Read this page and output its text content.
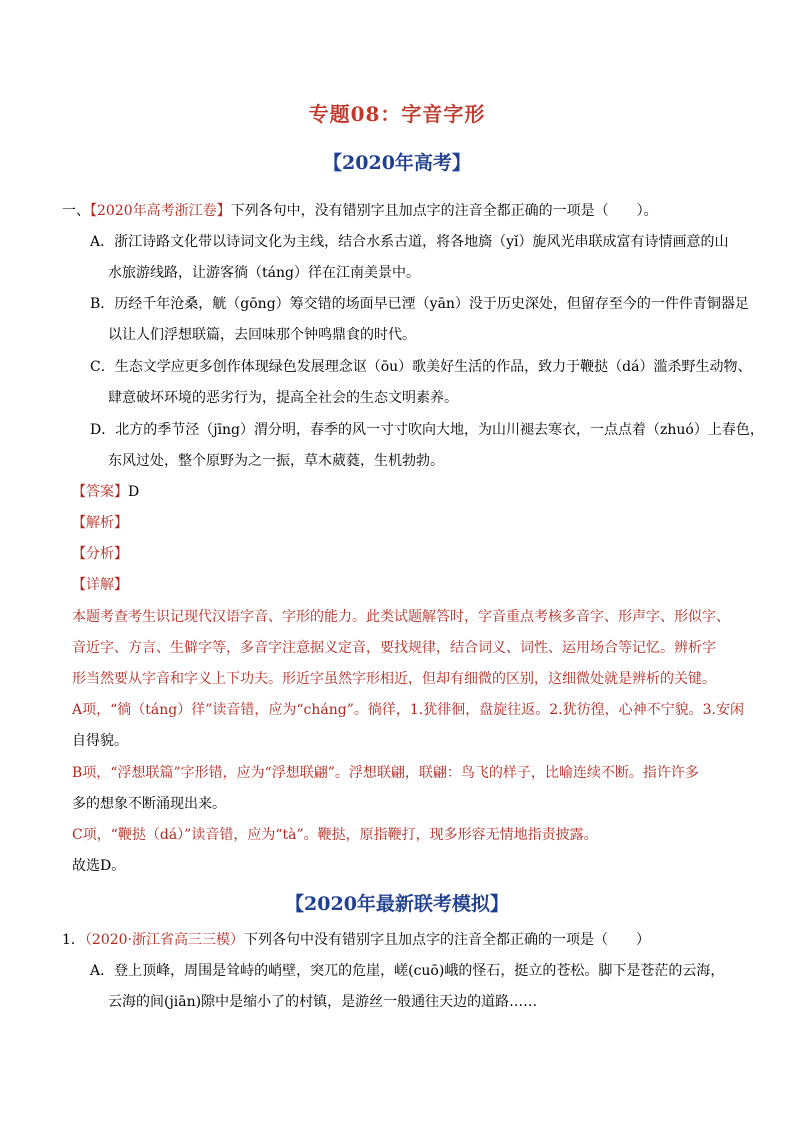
专题08：字音字形
【2020年高考】
一、【2020年高考浙江卷】下列各句中，没有错别字且加点字的注音全都正确的一项是（　　）。
A．浙江诗路文化带以诗词文化为主线，结合水系古道，将各地旖（yǐ）旎风光串联成富有诗情画意的山
水旅游线路，让游客徜（táng）徉在江南美景中。
B．历经千年沧桑，觥（gōng）筹交错的场面早已湮（yān）没于历史深处，但留存至今的一件件青铜器足
以让人们浮想联篇，去回味那个钟鸣鼎食的时代。
C．生态文学应更多创作体现绿色发展理念讴（ōu）歌美好生活的作品，致力于鞭挞（dá）滥杀野生动物、
肆意破坏环境的恶劣行为，提高全社会的生态文明素养。
D．北方的季节泾（jīng）渭分明，春季的风一寸寸吹向大地，为山川褪去寒衣，一点点着（zhuó）上春色，
东风过处，整个原野为之一振，草木葳蕤，生机勃勃。
【答案】D
【解析】
【分析】
【详解】
本题考查考生识记现代汉语字音、字形的能力。此类试题解答时，字音重点考核多音字、形声字、形似字、
音近字、方言、生僻字等，多音字注意据义定音，要找规律，结合词义、词性、运用场合等记忆。辨析字
形当然要从字音和字义上下功夫。形近字虽然字形相近，但却有细微的区别，这细微处就是辨析的关键。
A项，“徜（táng）徉”读音错，应为“cháng”。徜徉，1.犹徘徊，盘旋往返。2.犹彷徨，心神不宁貌。3.安闲
自得貌。
B项，“浮想联篇”字形错，应为“浮想联翩”。浮想联翩，联翩：鸟飞的样子，比喻连续不断。指许许多
多的想象不断涌现出来。
C项，“鞭挞（dá）”读音错，应为“tà”。鞭挞，原指鞭打，现多形容无情地指责披露。
故选D。
【2020年最新联考模拟】
1．（2020·浙江省高三三模）下列各句中没有错别字且加点字的注音全都正确的一项是（　　）
A．登上顶峰，周围是耸峙的峭壁，突兀的危崖，嵯(cuō)峨的怪石，挺立的苍松。脚下是苍茫的云海，
云海的间(jiān)隙中是缩小了的村镇，是游丝一般通往天边的道路……
